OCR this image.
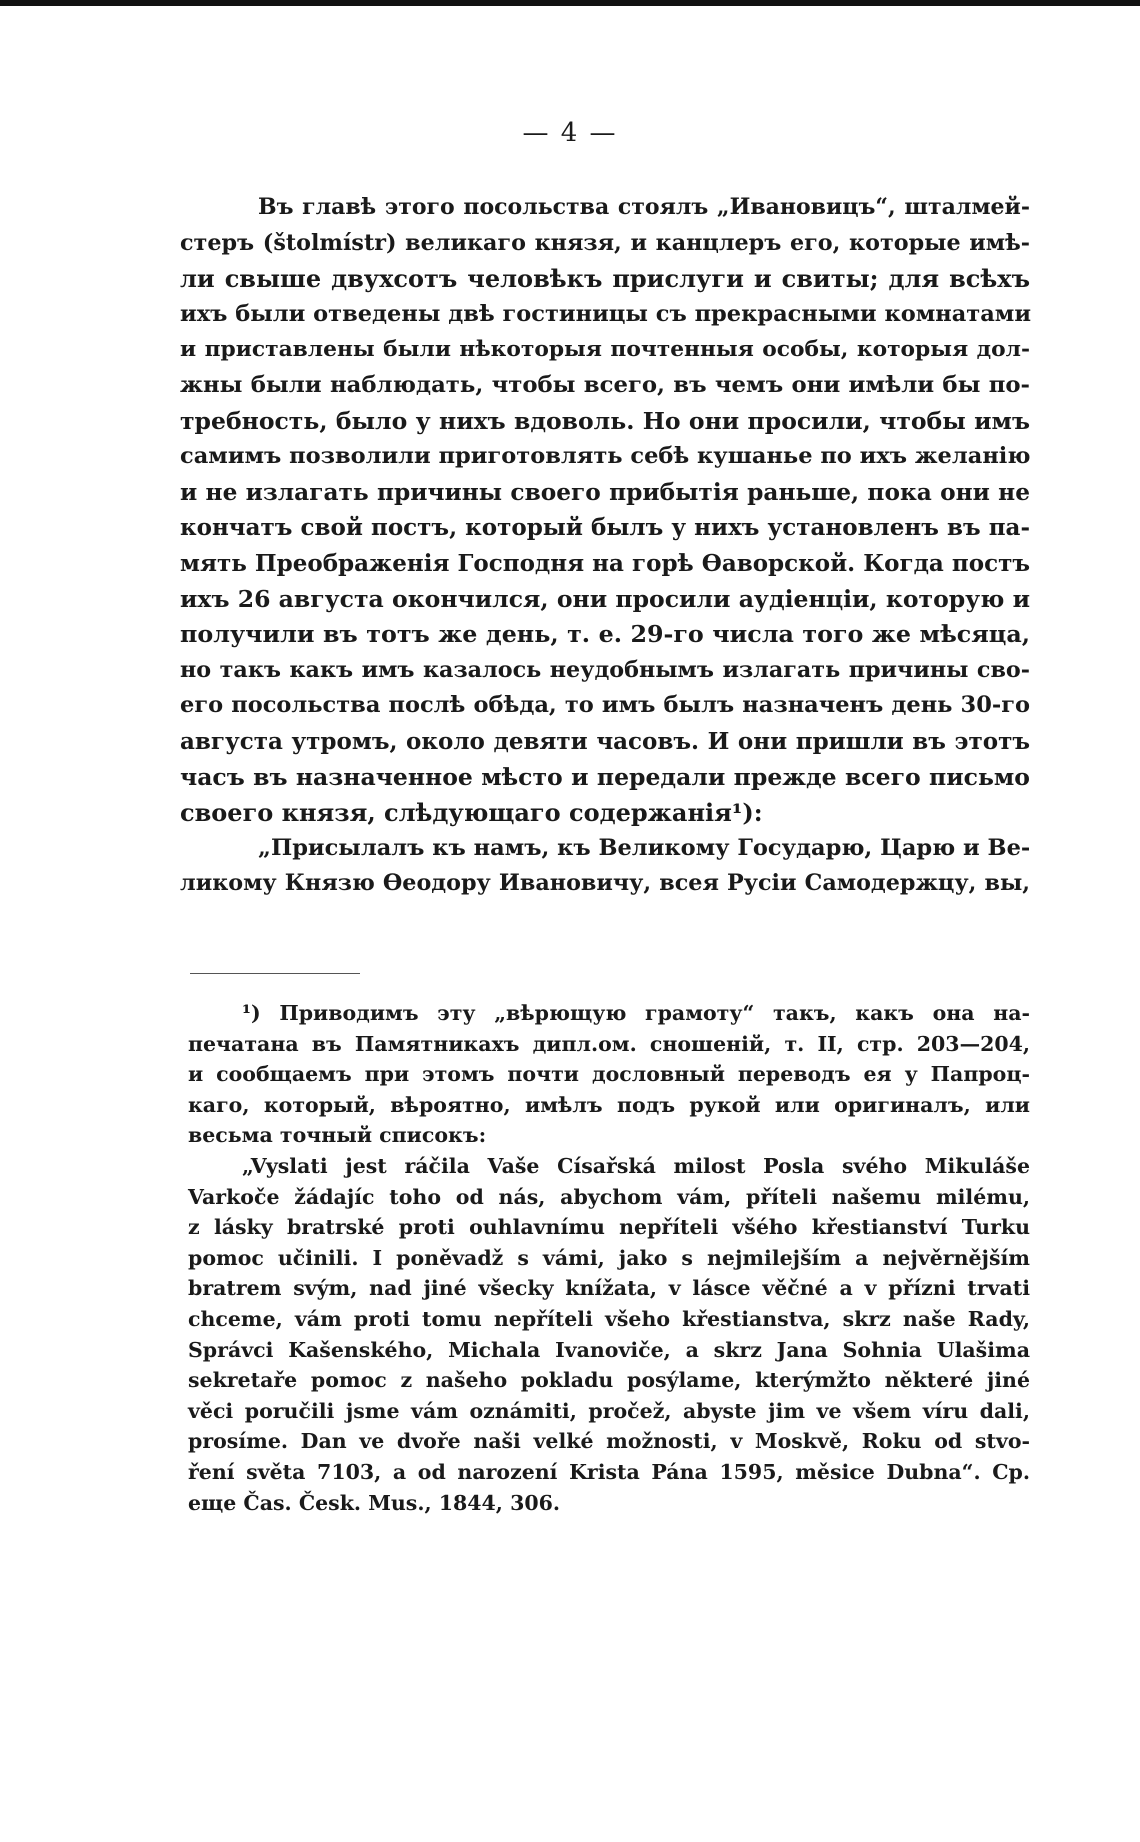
— 4 —
Въ главѣ этого посольства стоялъ „Ивановицъ“, шталмей-
стеръ (štolmístr) великаго князя, и канцлеръ его, которые имѣ-
ли свыше двухсотъ человѣкъ прислуги и свиты; для всѣхъ
ихъ были отведены двѣ гостиницы съ прекрасными комнатами
и приставлены были нѣкоторыя почтенныя особы, которыя дол-
жны были наблюдать, чтобы всего, въ чемъ они имѣли бы по-
требность, было у нихъ вдоволь. Но они просили, чтобы имъ
самимъ позволили приготовлять себѣ кушанье по ихъ желанію
и не излагать причины своего прибытія раньше, пока они не
кончатъ свой постъ, который былъ у нихъ установленъ въ па-
мять Преображенія Господня на горѣ Ѳаворской. Когда постъ
ихъ 26 августа окончился, они просили аудіенціи, которую и
получили въ тотъ же день, т. е. 29-го числа того же мѣсяца,
но такъ какъ имъ казалось неудобнымъ излагать причины сво-
его посольства послѣ обѣда, то имъ былъ назначенъ день 30-го
августа утромъ, около девяти часовъ. И они пришли въ этотъ
часъ въ назначенное мѣсто и передали прежде всего письмо
своего князя, слѣдующаго содержанія¹):
„Присылалъ къ намъ, къ Великому Государю, Царю и Ве-
ликому Князю Ѳеодору Ивановичу, всея Русіи Самодержцу, вы,
¹) Приводимъ эту „вѣрющую грамоту“ такъ, какъ она на-
печатана въ Памятникахъ дипл.ом. сношеній, т. II, стр. 203—204,
и сообщаемъ при этомъ почти дословный переводъ ея у Папроц-
каго, который, вѣроятно, имѣлъ подъ рукой или оригиналъ, или
весьма точный списокъ:
„Vyslati jest ráčila Vaše Císařská milost Posla svého Mikuláše
Varkoče žádajíc toho od nás, abychom vám, příteli našemu milému,
z lásky bratrské proti ouhlavnímu nepříteli všého křestianství Turku
pomoc učinili. I poněvadž s vámi, jako s nejmilejším a nejvěrnějším
bratrem svým, nad jiné všecky knížata, v lásce věčné a v přízni trvati
chceme, vám proti tomu nepříteli všeho křestianstva, skrz naše Rady,
Správci Kašenského, Michala Ivanoviče, a skrz Jana Sohnia Ulašima
sekretaře pomoc z našeho pokladu posýlame, kterýmžto některé jiné
věci poručili jsme vám oznámiti, pročež, abyste jim ve všem víru dali,
prosíme. Dan ve dvoře naši velké možnosti, v Moskvě, Roku od stvo-
ření světa 7103, a od narození Krista Pána 1595, měsice Dubna“. Ср.
еще Čas. Česk. Mus., 1844, 306.
